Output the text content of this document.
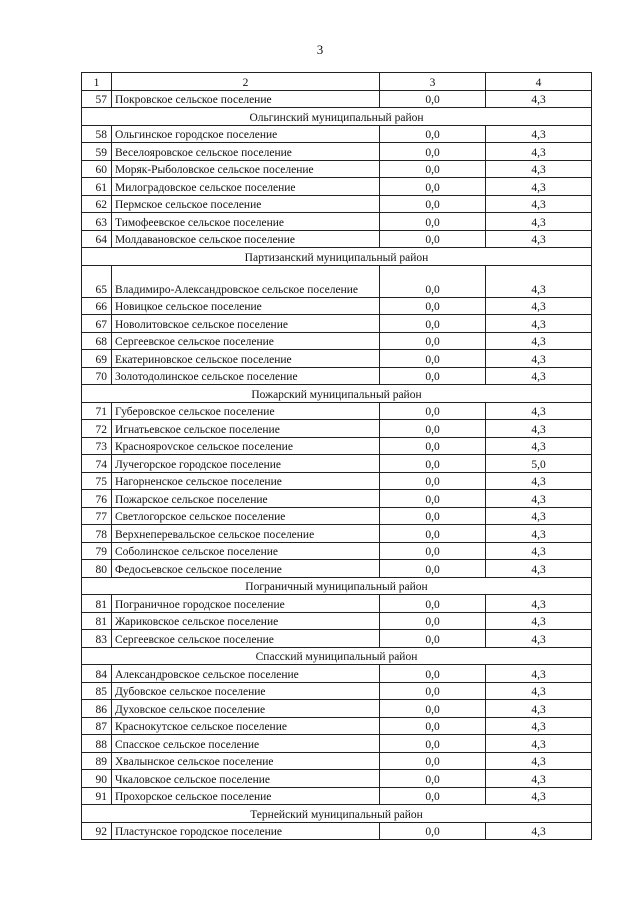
3
1	2	3	4
57	Покровское сельское поселение	0,0	4,3
Ольгинский муниципальный район			
58	Ольгинское городское поселение	0,0	4,3
59	Веселояровское сельское поселение	0,0	4,3
60	Моряк-Рыболовское сельское поселение	0,0	4,3
61	Милоградовское сельское поселение	0,0	4,3
62	Пермское сельское поселение	0,0	4,3
63	Тимофеевское сельское поселение	0,0	4,3
64	Молдавановское сельское поселение	0,0	4,3
Партизанский муниципальный район			
65	Владимиро-Александровское сельское поселение	0,0	4,3
66	Новицкое сельское поселение	0,0	4,3
67	Новолитовское сельское поселение	0,0	4,3
68	Сергеевское сельское поселение	0,0	4,3
69	Екатериновское сельское поселение	0,0	4,3
70	Золотодолинское сельское поселение	0,0	4,3
Пожарский муниципальный район			
71	Губеровское сельское поселение	0,0	4,3
72	Игнатьевское сельское поселение	0,0	4,3
73	Красноярovское сельское поселение	0,0	4,3
74	Лучегорское городское поселение	0,0	5,0
75	Нагорненское сельское поселение	0,0	4,3
76	Пожарское сельское поселение	0,0	4,3
77	Светлогорское сельское поселение	0,0	4,3
78	Верхнеперевальское сельское поселение	0,0	4,3
79	Соболинское сельское поселение	0,0	4,3
80	Федосьевское сельское поселение	0,0	4,3
Пограничный муниципальный район			
81	Пограничное городское поселение	0,0	4,3
81	Жариковское сельское поселение	0,0	4,3
83	Сергеевское сельское поселение	0,0	4,3
Спасский муниципальный район			
84	Александровское сельское поселение	0,0	4,3
85	Дубовское сельское поселение	0,0	4,3
86	Духовское сельское поселение	0,0	4,3
87	Краснокутское сельское поселение	0,0	4,3
88	Спасское сельское поселение	0,0	4,3
89	Хвалынское сельское поселение	0,0	4,3
90	Чкаловское сельское поселение	0,0	4,3
91	Прохорское сельское поселение	0,0	4,3
Тернейский муниципальный район			
92	Пластунское городское поселение	0,0	4,3
